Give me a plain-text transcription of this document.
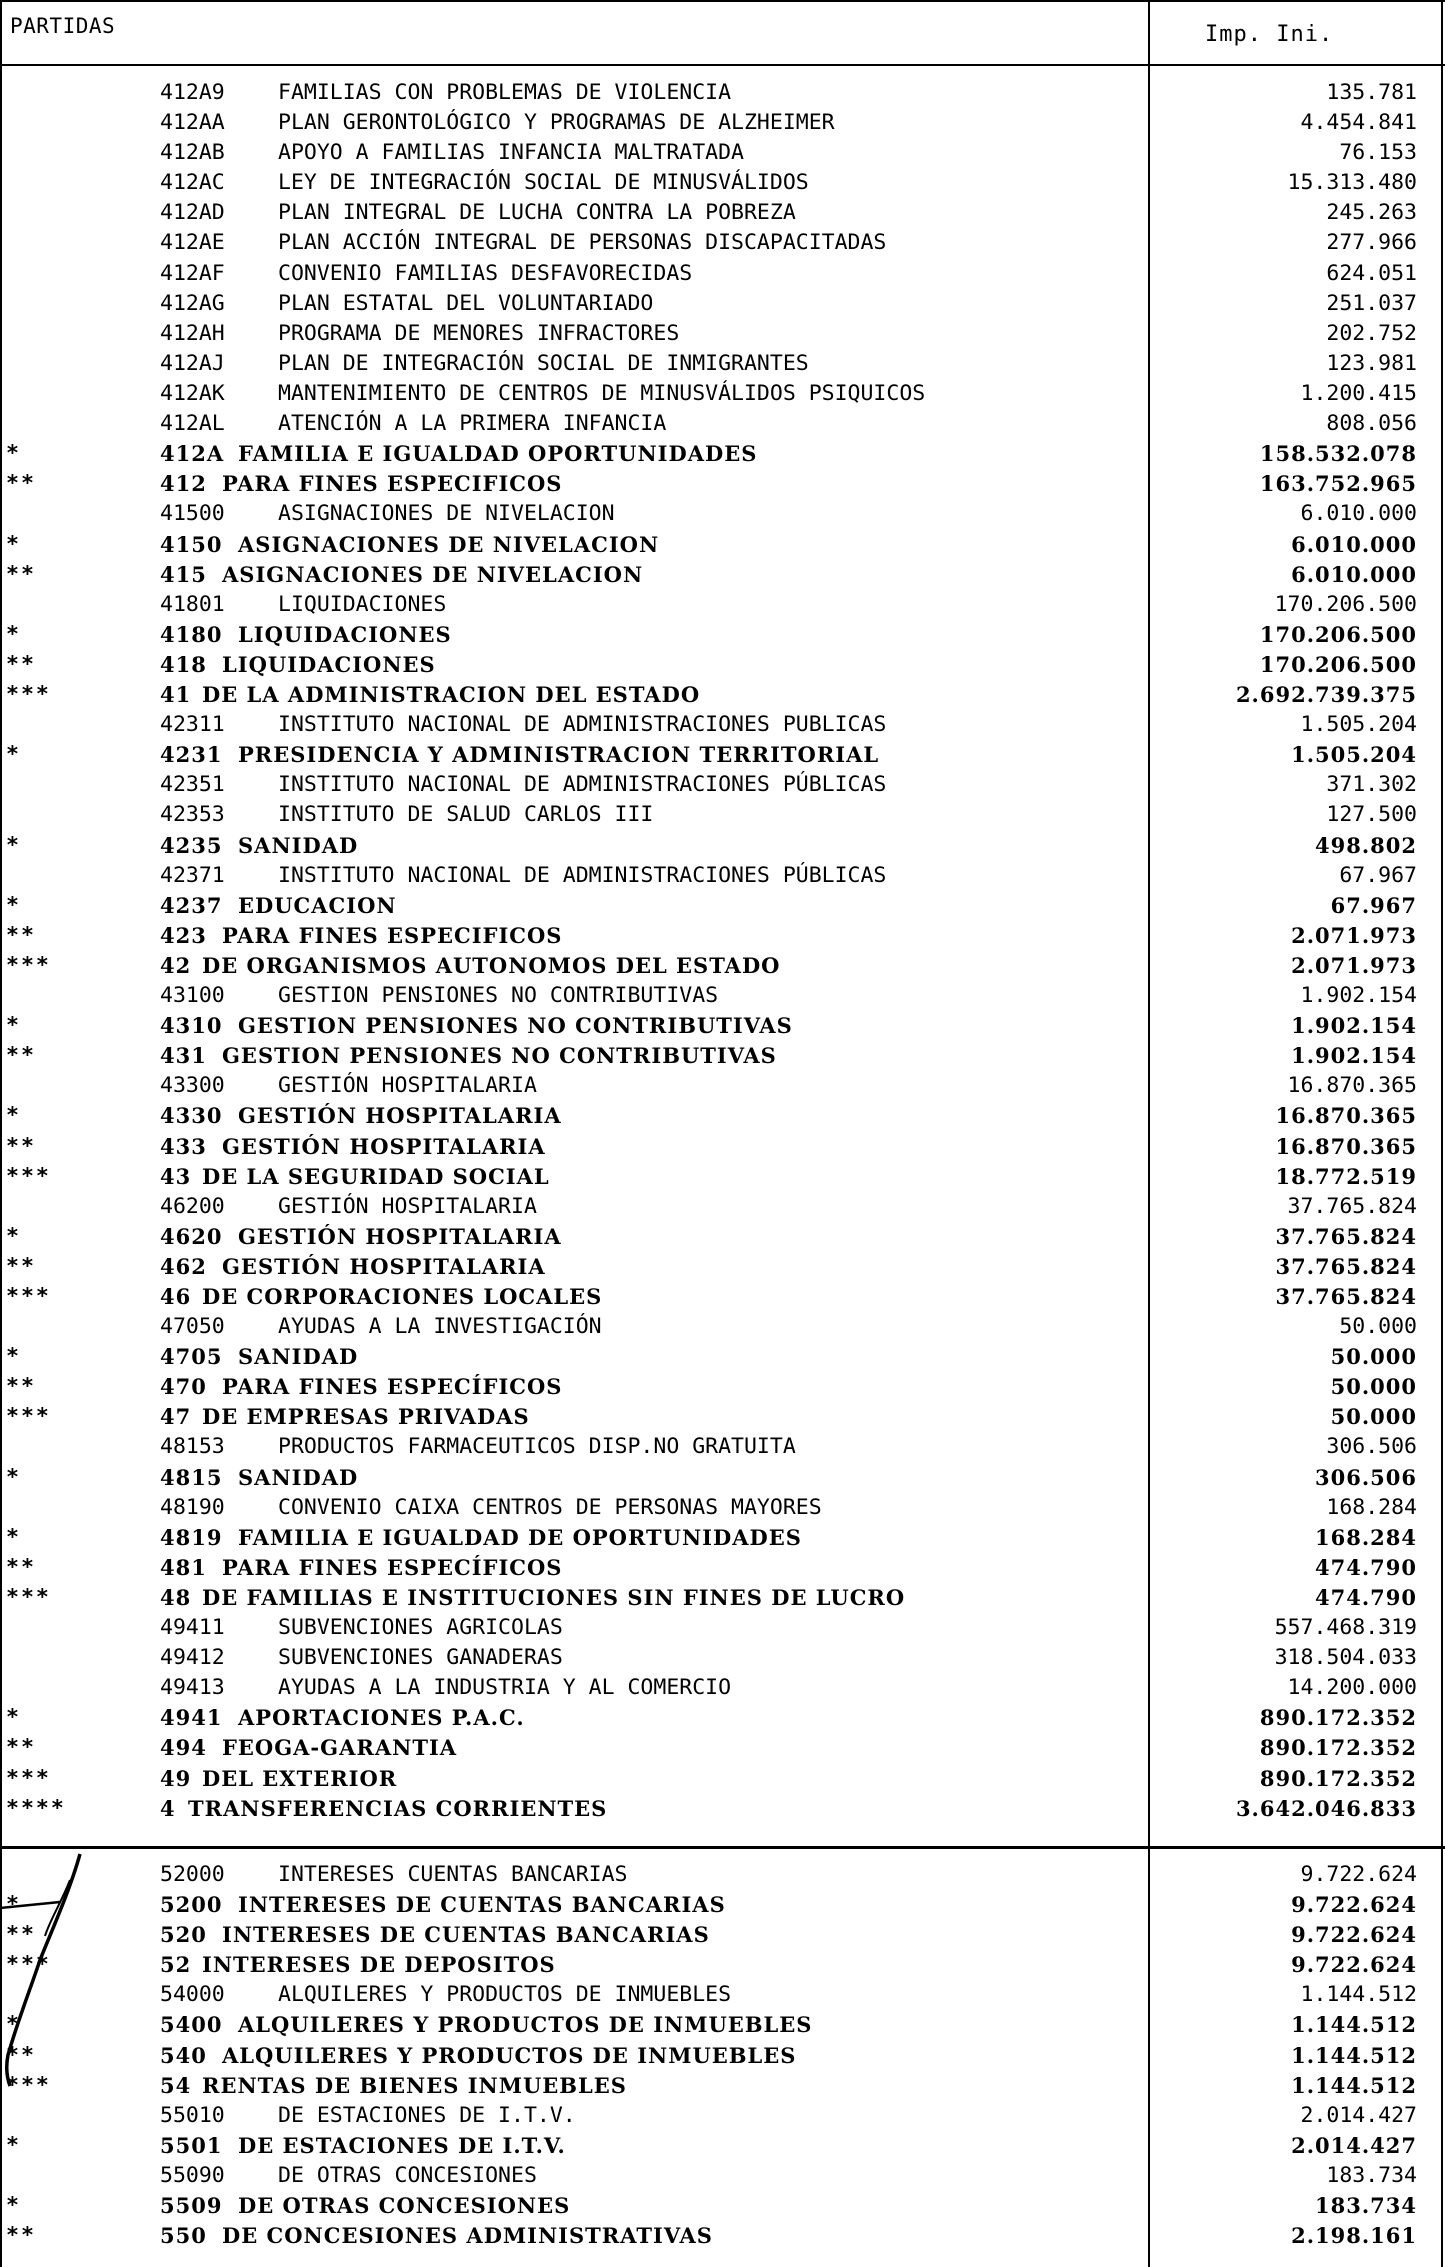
PARTIDAS	Imp. Ini.
412A9 FAMILIAS CON PROBLEMAS DE VIOLENCIA	135.781
412AA PLAN GERONTOLÓGICO Y PROGRAMAS DE ALZHEIMER	4.454.841
412AB APOYO A FAMILIAS INFANCIA MALTRATADA	76.153
412AC LEY DE INTEGRACIÓN SOCIAL DE MINUSVÁLIDOS	15.313.480
412AD PLAN INTEGRAL DE LUCHA CONTRA LA POBREZA	245.263
412AE PLAN ACCIÓN INTEGRAL DE PERSONAS DISCAPACITADAS	277.966
412AF CONVENIO FAMILIAS DESFAVORECIDAS	624.051
412AG PLAN ESTATAL DEL VOLUNTARIADO	251.037
412AH PROGRAMA DE MENORES INFRACTORES	202.752
412AJ PLAN DE INTEGRACIÓN SOCIAL DE INMIGRANTES	123.981
412AK MANTENIMIENTO DE CENTROS DE MINUSVÁLIDOS PSIQUICOS	1.200.415
412AL ATENCIÓN A LA PRIMERA INFANCIA	808.056
*	412A FAMILIA E IGUALDAD OPORTUNIDADES	158.532.078
**	412 PARA FINES ESPECIFICOS	163.752.965
41500 ASIGNACIONES DE NIVELACION	6.010.000
*	4150 ASIGNACIONES DE NIVELACION	6.010.000
**	415 ASIGNACIONES DE NIVELACION	6.010.000
41801 LIQUIDACIONES	170.206.500
*	4180 LIQUIDACIONES	170.206.500
**	418 LIQUIDACIONES	170.206.500
***	41 DE LA ADMINISTRACION DEL ESTADO	2.692.739.375
42311 INSTITUTO NACIONAL DE ADMINISTRACIONES PUBLICAS	1.505.204
*	4231 PRESIDENCIA Y ADMINISTRACION TERRITORIAL	1.505.204
42351 INSTITUTO NACIONAL DE ADMINISTRACIONES PÚBLICAS	371.302
42353 INSTITUTO DE SALUD CARLOS III	127.500
*	4235 SANIDAD	498.802
42371 INSTITUTO NACIONAL DE ADMINISTRACIONES PÚBLICAS	67.967
*	4237 EDUCACION	67.967
**	423 PARA FINES ESPECIFICOS	2.071.973
***	42 DE ORGANISMOS AUTONOMOS DEL ESTADO	2.071.973
43100 GESTION PENSIONES NO CONTRIBUTIVAS	1.902.154
*	4310 GESTION PENSIONES NO CONTRIBUTIVAS	1.902.154
**	431 GESTION PENSIONES NO CONTRIBUTIVAS	1.902.154
43300 GESTIÓN HOSPITALARIA	16.870.365
*	4330 GESTIÓN HOSPITALARIA	16.870.365
**	433 GESTIÓN HOSPITALARIA	16.870.365
***	43 DE LA SEGURIDAD SOCIAL	18.772.519
46200 GESTIÓN HOSPITALARIA	37.765.824
*	4620 GESTIÓN HOSPITALARIA	37.765.824
**	462 GESTIÓN HOSPITALARIA	37.765.824
***	46 DE CORPORACIONES LOCALES	37.765.824
47050 AYUDAS A LA INVESTIGACIÓN	50.000
*	4705 SANIDAD	50.000
**	470 PARA FINES ESPECÍFICOS	50.000
***	47 DE EMPRESAS PRIVADAS	50.000
48153 PRODUCTOS FARMACEUTICOS DISP.NO GRATUITA	306.506
*	4815 SANIDAD	306.506
48190 CONVENIO CAIXA CENTROS DE PERSONAS MAYORES	168.284
*	4819 FAMILIA E IGUALDAD DE OPORTUNIDADES	168.284
**	481 PARA FINES ESPECÍFICOS	474.790
***	48 DE FAMILIAS E INSTITUCIONES SIN FINES DE LUCRO	474.790
49411 SUBVENCIONES AGRICOLAS	557.468.319
49412 SUBVENCIONES GANADERAS	318.504.033
49413 AYUDAS A LA INDUSTRIA Y AL COMERCIO	14.200.000
*	4941 APORTACIONES P.A.C.	890.172.352
**	494 FEOGA-GARANTIA	890.172.352
***	49 DEL EXTERIOR	890.172.352
****	4 TRANSFERENCIAS CORRIENTES	3.642.046.833
52000 INTERESES CUENTAS BANCARIAS	9.722.624
*	5200 INTERESES DE CUENTAS BANCARIAS	9.722.624
**	520 INTERESES DE CUENTAS BANCARIAS	9.722.624
***	52 INTERESES DE DEPOSITOS	9.722.624
54000 ALQUILERES Y PRODUCTOS DE INMUEBLES	1.144.512
*	5400 ALQUILERES Y PRODUCTOS DE INMUEBLES	1.144.512
**	540 ALQUILERES Y PRODUCTOS DE INMUEBLES	1.144.512
***	54 RENTAS DE BIENES INMUEBLES	1.144.512
55010 DE ESTACIONES DE I.T.V.	2.014.427
*	5501 DE ESTACIONES DE I.T.V.	2.014.427
55090 DE OTRAS CONCESIONES	183.734
*	5509 DE OTRAS CONCESIONES	183.734
**	550 DE CONCESIONES ADMINISTRATIVAS	2.198.161
